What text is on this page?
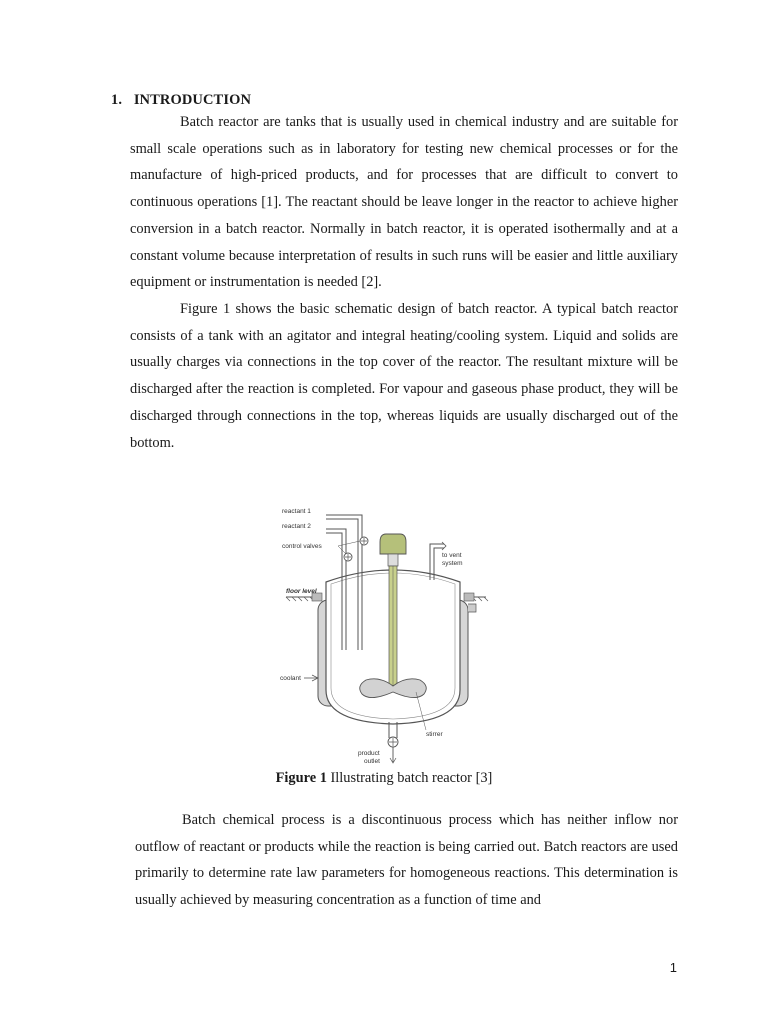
1. INTRODUCTION

Batch reactor are tanks that is usually used in chemical industry and are suitable for small scale operations such as in laboratory for testing new chemical processes or for the manufacture of high-priced products, and for processes that are difficult to convert to continuous operations [1]. The reactant should be leave longer in the reactor to achieve higher conversion in a batch reactor. Normally in batch reactor, it is operated isothermally and at a constant volume because interpretation of results in such runs will be easier and little auxiliary equipment or instrumentation is needed [2].

Figure 1 shows the basic schematic design of batch reactor. A typical batch reactor consists of a tank with an agitator and integral heating/cooling system. Liquid and solids are usually charges via connections in the top cover of the reactor. The resultant mixture will be discharged after the reaction is completed. For vapour and gaseous phase product, they will be discharged through connections in the top, whereas liquids are usually discharged out of the bottom.

reactant 1
reactant 2
control valves
to vent
system
floor level
coolant
stirrer
product
outlet
Figure 1 Illustrating batch reactor [3]

Batch chemical process is a discontinuous process which has neither inflow nor outflow of reactant or products while the reaction is being carried out. Batch reactors are used primarily to determine rate law parameters for homogeneous reactions. This determination is usually achieved by measuring concentration as a function of time and

1
